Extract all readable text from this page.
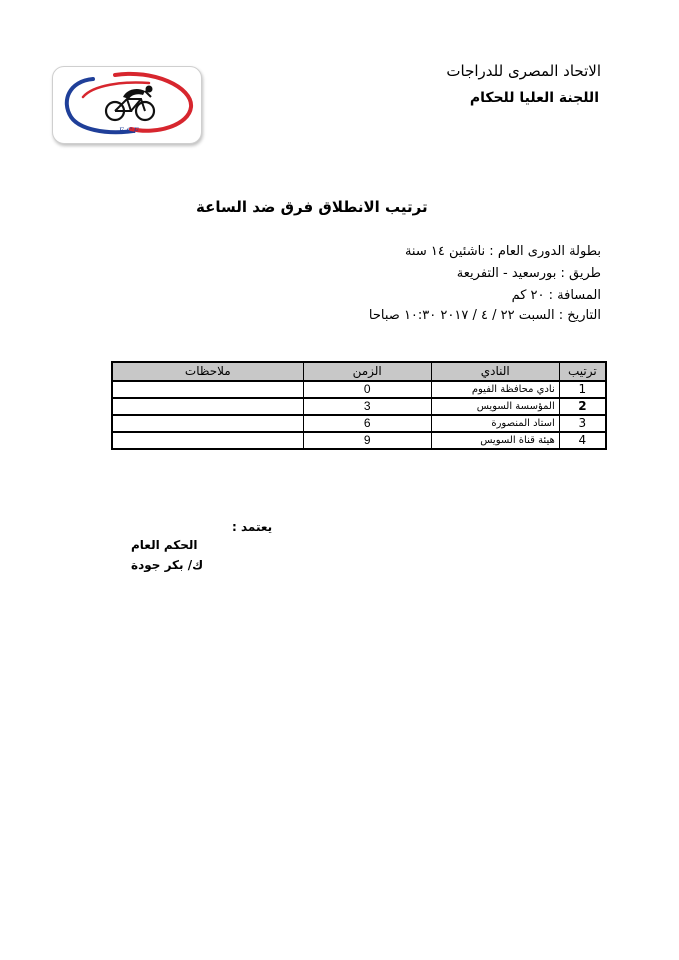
E.C.F
الاتحاد المصرى للدراجات
اللجنة العليا للحكام
ترتيب الانطلاق فرق ضد الساعة
بطولة الدورى العام : ناشئين ١٤ سنة
طريق : بورسعيد - التفريعة
المسافة : ٢٠ كم
التاريخ : السبت ٢٢ / ٤ / ٢٠١٧ ١٠:٣٠ صباحا
ترتيب	النادي	الزمن	ملاحظات
1	نادي محافظة الفيوم	0	
2	المؤسسة السويس	3	
3	استاد المنصورة	6	
4	هيئة قناة السويس	9	
يعتمد :
الحكم العام
ك/ بكر جودة
